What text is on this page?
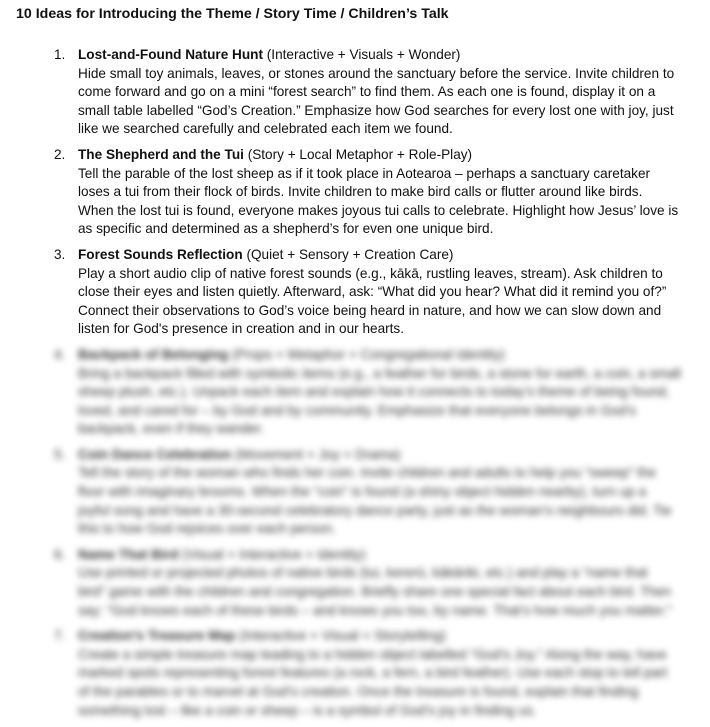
10 Ideas for Introducing the Theme / Story Time / Children’s Talk
1. Lost-and-Found Nature Hunt (Interactive + Visuals + Wonder)

Hide small toy animals, leaves, or stones around the sanctuary before the service. Invite children to

come forward and go on a mini “forest search” to find them. As each one is found, display it on a

small table labelled “God’s Creation.” Emphasize how God searches for every lost one with joy, just

like we searched carefully and celebrated each item we found.

2. The Shepherd and the Tui (Story + Local Metaphor + Role-Play)

Tell the parable of the lost sheep as if it took place in Aotearoa – perhaps a sanctuary caretaker

loses a tui from their flock of birds. Invite children to make bird calls or flutter around like birds.

When the lost tui is found, everyone makes joyous tui calls to celebrate. Highlight how Jesus’ love is

as specific and determined as a shepherd’s for even one unique bird.

3. Forest Sounds Reflection (Quiet + Sensory + Creation Care)

Play a short audio clip of native forest sounds (e.g., kākā, rustling leaves, stream). Ask children to

close their eyes and listen quietly. Afterward, ask: “What did you hear? What did it remind you of?”

Connect their observations to God’s voice being heard in nature, and how we can slow down and

listen for God's presence in creation and in our hearts.

4. Backpack of Belonging (Props + Metaphor + Congregational Identity)

Bring a backpack filled with symbolic items (e.g., a feather for birds, a stone for earth, a coin, a small

sheep plush, etc.). Unpack each item and explain how it connects to today’s theme of being found,

loved, and cared for – by God and by community. Emphasize that everyone belongs in God’s

backpack, even if they wander.

5. Coin Dance Celebration (Movement + Joy + Drama)

Tell the story of the woman who finds her coin. Invite children and adults to help you “sweep” the

floor with imaginary brooms. When the “coin” is found (a shiny object hidden nearby), turn up a

joyful song and have a 30-second celebratory dance party, just as the woman’s neighbours did. Tie

this to how God rejoices over each person.

6. Name That Bird (Visual + Interactive + Identity)

Use printed or projected photos of native birds (tui, kererū, kākāriki, etc.) and play a “name that

bird” game with the children and congregation. Briefly share one special fact about each bird. Then

say: “God knows each of these birds – and knows you too, by name. That’s how much you matter.”

7. Creation’s Treasure Map (Interactive + Visual + Storytelling)

Create a simple treasure map leading to a hidden object labelled “God’s Joy.” Along the way, have

marked spots representing forest features (a rock, a fern, a bird feather). Use each stop to tell part

of the parables or to marvel at God’s creation. Once the treasure is found, explain that finding

something lost – like a coin or sheep – is a symbol of God’s joy in finding us.
